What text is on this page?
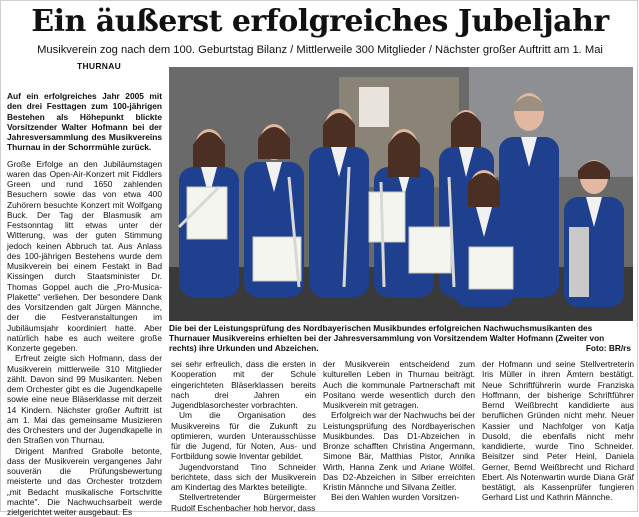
Ein äußerst erfolgreiches Jubeljahr
Musikverein zog nach dem 100. Geburtstag Bilanz / Mittlerweile 300 Mitglieder / Nächster großer Auftritt am 1. Mai
THURNAU

Auf ein erfolgreiches Jahr 2005 mit den drei Festtagen zum 100-jährigen Bestehen als Höhepunkt blickte Vorsitzender Walter Hofmann bei der Jahresversammlung des Musikvereins Thurnau in der Schorrmühle zurück.

Große Erfolge an den Jubiläumstagen waren das Open-Air-Konzert mit Fiddlers Green und rund 1650 zahlenden Besuchern sowie das von etwa 400 Zuhörern besuchte Konzert mit Wolfgang Buck. Der Tag der Blasmusik am Festsonntag litt etwas unter der Witterung, was der guten Stimmung jedoch keinen Abbruch tat. Aus Anlass des 100-jährigen Bestehens wurde dem Musikverein bei einem Festakt in Bad Kissingen durch Staatsminister Dr. Thomas Goppel auch die „Pro-Musica-Plakette" verliehen. Der besondere Dank des Vorsitzenden galt Jürgen Männche, der die Festveranstaltungen im Jubiläumsjahr koordiniert hatte. Aber natürlich habe es auch weitere große Konzerte gegeben.

Erfreut zeigte sich Hofmann, dass der Musikverein mittlerweile 310 Mitglieder zählt. Davon sind 99 Musikanten. Neben dem Orchester gibt es die Jugendkapelle sowie eine neue Bläserklasse mit derzeit 14 Kindern. Nächster großer Auftritt ist am 1. Mai das gemeinsame Musizieren des Orchesters und der Jugendkapelle in den Straßen von Thurnau.

Dirigent Manfred Grabolle betonte, dass der Musikverein vergangenes Jahr souverän die Prüfungsbewertung meisterte und das Orchester trotzdem „mit Bedacht musikalische Fortschritte machte". Die Nachwuchsarbeit werde zielgerichtet weiter ausgebaut. Es

Die bei der Leistungsprüfung des Nordbayerischen Musikbundes erfolgreichen Nachwuchsmusikanten des Thurnauer Musikvereins erhielten bei der Jahresversammlung von Vorsitzendem Walter Hofmann (Zweiter von rechts) ihre Urkunden und Abzeichen.	Foto: BR/rs

sei sehr erfreulich, dass die ersten in Kooperation mit der Schule eingerichteten Bläserklassen bereits nach drei Jahren ein Jugendblasorchester vorbrachten.

Um die Organisation des Musikvereins für die Zukunft zu optimieren, wurden Unterausschüsse für die Jugend, für Noten, Aus- und Fortbildung sowie Inventar gebildet.

Jugendvorstand Tino Schneider berichtete, dass sich der Musikverein am Kindertag des Marktes beteiligte.

Stellvertretender Bürgermeister Rudolf Eschenbacher hob hervor, dass

der Musikverein entscheidend zum kulturellen Leben in Thurnau beiträgt. Auch die kommunale Partnerschaft mit Positano werde wesentlich durch den Musikverein mit getragen.

Erfolgreich war der Nachwuchs bei der Leistungsprüfung des Nordbayerischen Musikbundes. Das D1-Abzeichen in Bronze schafften Christina Angermann, Simone Bär, Matthias Pistor, Annika Wirth, Hanna Zenk und Ariane Wölfel. Das D2-Abzeichen in Silber erreichten Kristin Männche und Silvana Zeitler.

Bei den Wahlen wurden Vorsitzen-

der Hofmann und seine Stellvertreterin Iris Müller in ihren Ämtern bestätigt. Neue Schriftführerin wurde Franziska Hoffmann, der bisherige Schriftführer Bernd Weißbrecht kandidierte aus beruflichen Gründen nicht mehr. Neuer Kassier und Nachfolger von Katja Dusold, die ebenfalls nicht mehr kandidierte, wurde Tino Schneider. Beisitzer sind Peter Heinl, Daniela Gerner, Bernd Weißbrecht und Richard Ebert. Als Notenwartin wurde Diana Gräf bestätigt, als Kassenprüfer fungieren Gerhard List und Kathrin Männche.
